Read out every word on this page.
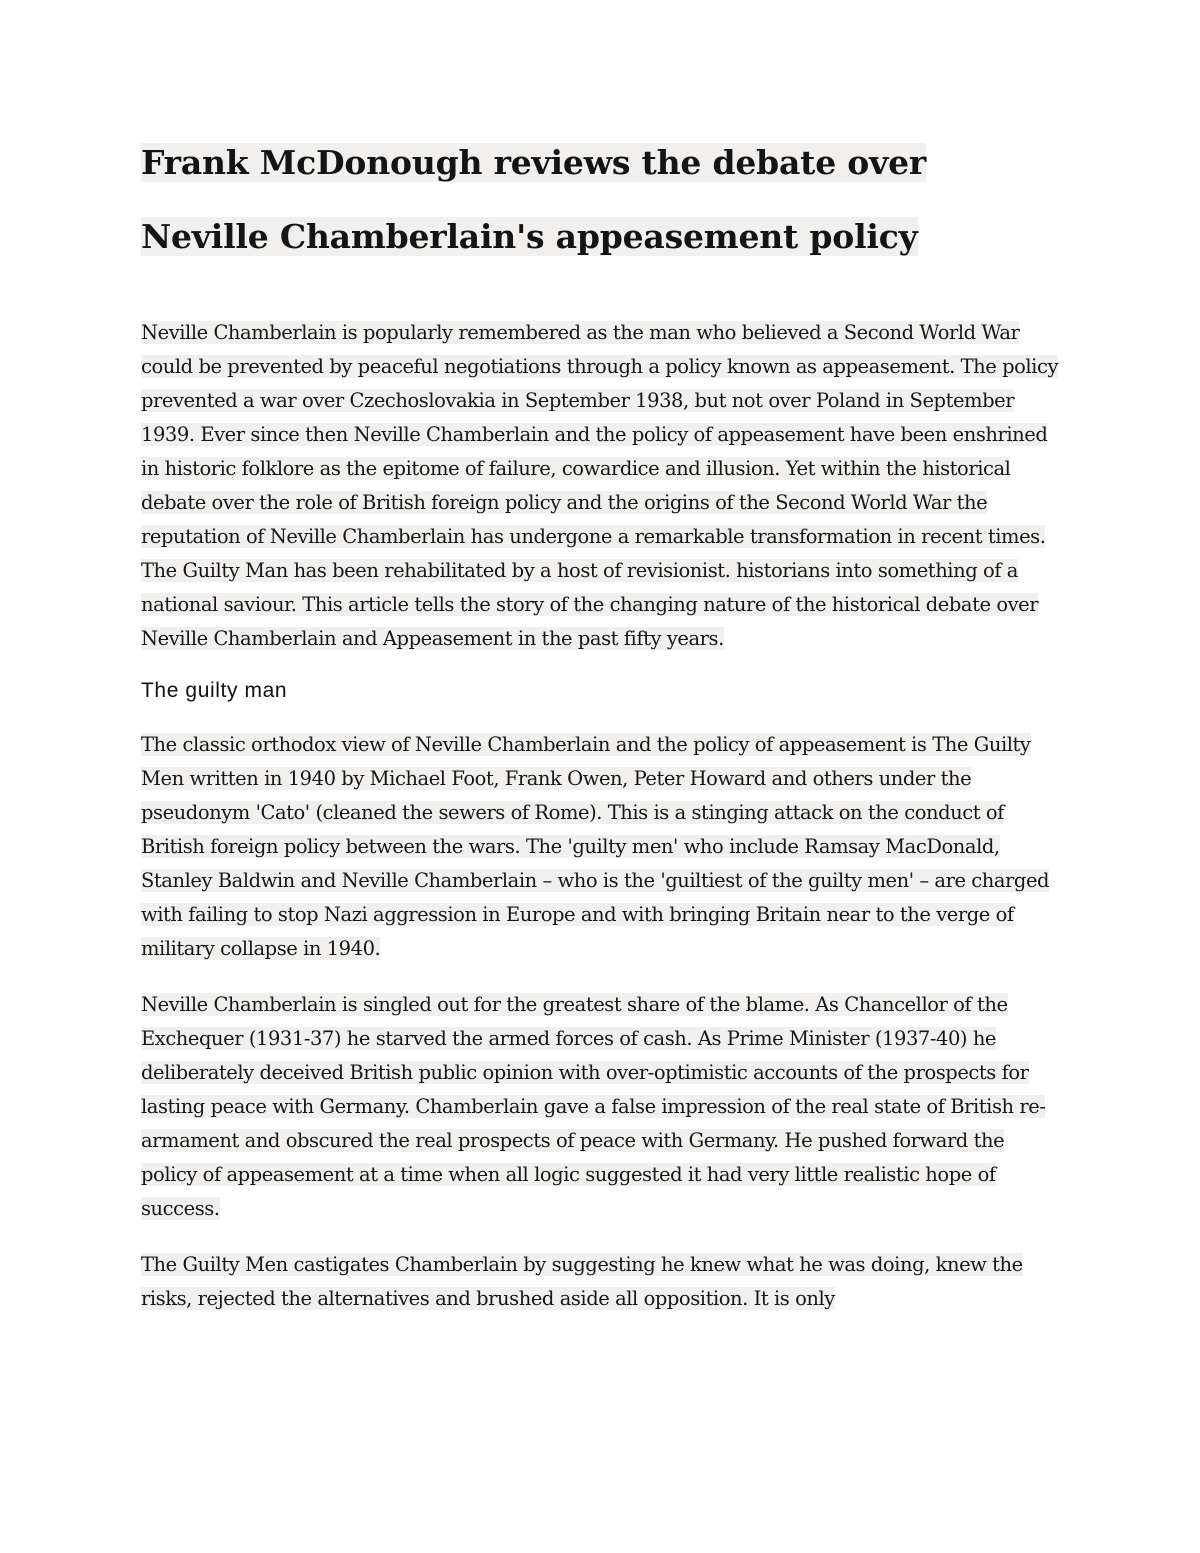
Frank McDonough reviews the debate over Neville Chamberlain's appeasement policy

Neville Chamberlain is popularly remembered as the man who believed a Second World War could be prevented by peaceful negotiations through a policy known as appeasement. The policy prevented a war over Czechoslovakia in September 1938, but not over Poland in September 1939. Ever since then Neville Chamberlain and the policy of appeasement have been enshrined in historic folklore as the epitome of failure, cowardice and illusion. Yet within the historical debate over the role of British foreign policy and the origins of the Second World War the reputation of Neville Chamberlain has undergone a remarkable transformation in recent times. The Guilty Man has been rehabilitated by a host of revisionist. historians into something of a national saviour. This article tells the story of the changing nature of the historical debate over Neville Chamberlain and Appeasement in the past fifty years.

The guilty man

The classic orthodox view of Neville Chamberlain and the policy of appeasement is The Guilty Men written in 1940 by Michael Foot, Frank Owen, Peter Howard and others under the pseudonym 'Cato' (cleaned the sewers of Rome). This is a stinging attack on the conduct of British foreign policy between the wars. The 'guilty men' who include Ramsay MacDonald, Stanley Baldwin and Neville Chamberlain – who is the 'guiltiest of the guilty men' – are charged with failing to stop Nazi aggression in Europe and with bringing Britain near to the verge of military collapse in 1940.

Neville Chamberlain is singled out for the greatest share of the blame. As Chancellor of the Exchequer (1931-37) he starved the armed forces of cash. As Prime Minister (1937-40) he deliberately deceived British public opinion with over-optimistic accounts of the prospects for lasting peace with Germany. Chamberlain gave a false impression of the real state of British re-armament and obscured the real prospects of peace with Germany. He pushed forward the policy of appeasement at a time when all logic suggested it had very little realistic hope of success.

The Guilty Men castigates Chamberlain by suggesting he knew what he was doing, knew the risks, rejected the alternatives and brushed aside all opposition. It is only
